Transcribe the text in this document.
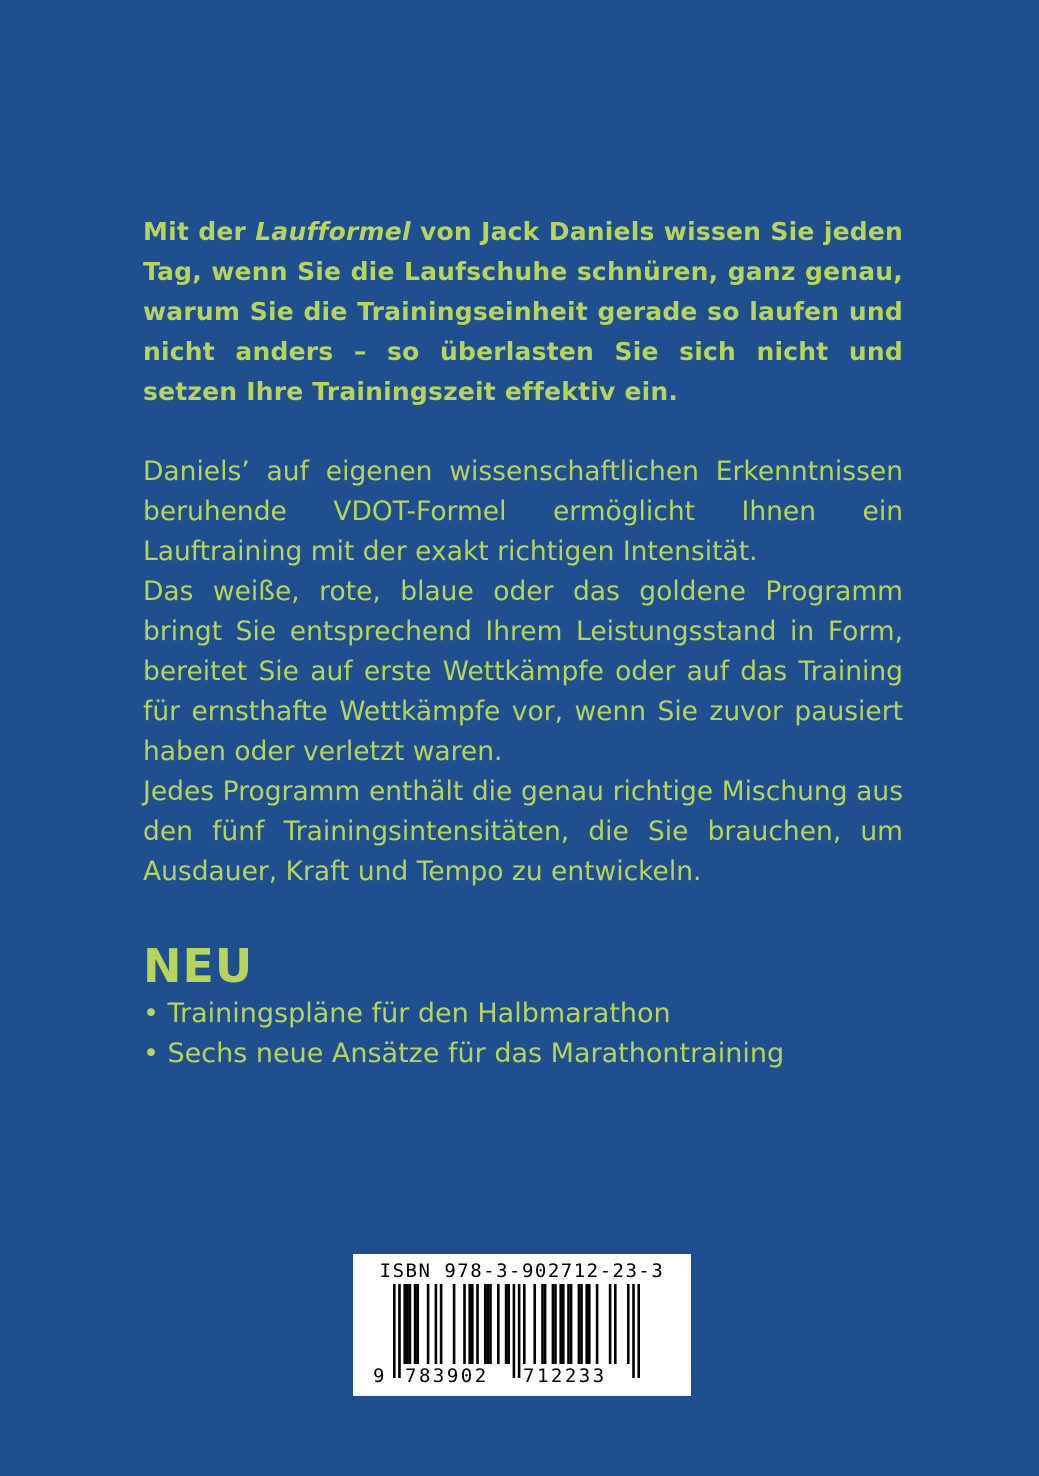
Mit der Laufformel von Jack Daniels wissen Sie jeden Tag, wenn Sie die Laufschuhe schnüren, ganz genau, warum Sie die Trainingseinheit gerade so laufen und nicht anders – so überlasten Sie sich nicht und setzen Ihre Trainingszeit effektiv ein.

Daniels’ auf eigenen wissenschaftlichen Erkenntnissen beruhende VDOT-Formel ermöglicht Ihnen ein Lauftraining mit der exakt richtigen Intensität.

Das weiße, rote, blaue oder das goldene Programm bringt Sie entsprechend Ihrem Leistungsstand in Form, bereitet Sie auf erste Wettkämpfe oder auf das Training für ernsthafte Wettkämpfe vor, wenn Sie zuvor pausiert haben oder verletzt waren.

Jedes Programm enthält die genau richtige Mischung aus den fünf Trainingsintensitäten, die Sie brauchen, um Ausdauer, Kraft und Tempo zu entwickeln.

NEU
• Trainingspläne für den Halbmarathon
• Sechs neue Ansätze für das Marathontraining
ISBN 978-3-902712-23-3
9 783902 712233
